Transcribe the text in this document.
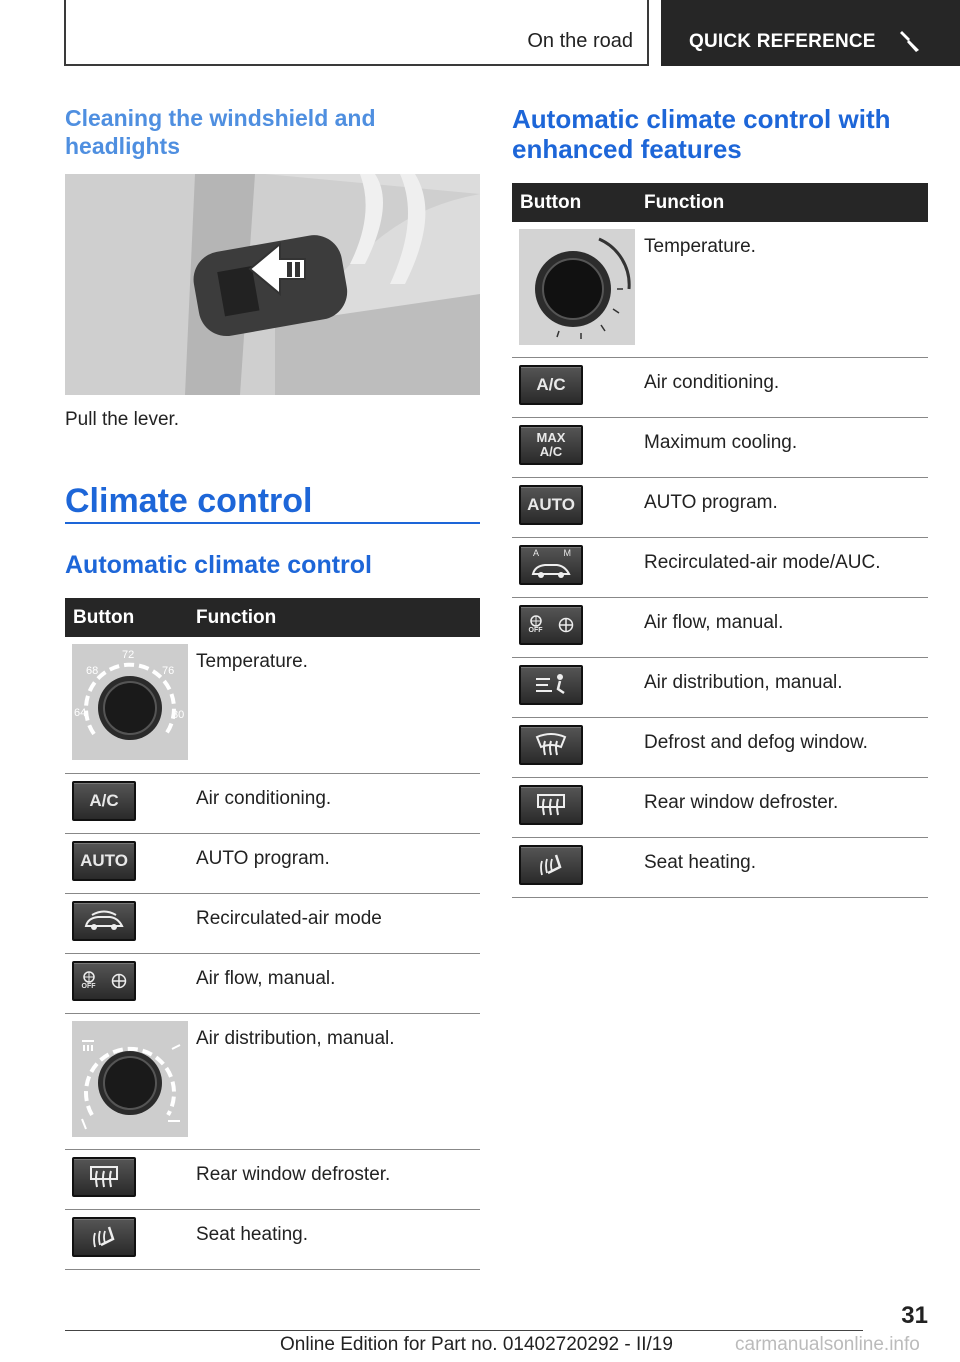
On the road	QUICK REFERENCE
Cleaning the windshield and headlights
Pull the lever.
Climate control
Automatic climate control
Button	Function

68
72
76
64 80	Temperature.

A/C	Air conditioning.

AUTO	AUTO program.

	Recirculated-air mode

OFF	Air flow, manual.

	Air distribution, manual.

	Rear window defroster.

	Seat heating.
Automatic climate control with enhanced features
Button	Function

	Temperature.

A/C	Air conditioning.

MAX
A/C	Maximum cooling.

AUTO	AUTO program.

A M	Recirculated-air mode/AUC.

OFF	Air flow, manual.

	Air distribution, manual.

	Defrost and defog window.

	Rear window defroster.

	Seat heating.
31
Online Edition for Part no. 01402720292 - II/19	carmanualsonline.info
